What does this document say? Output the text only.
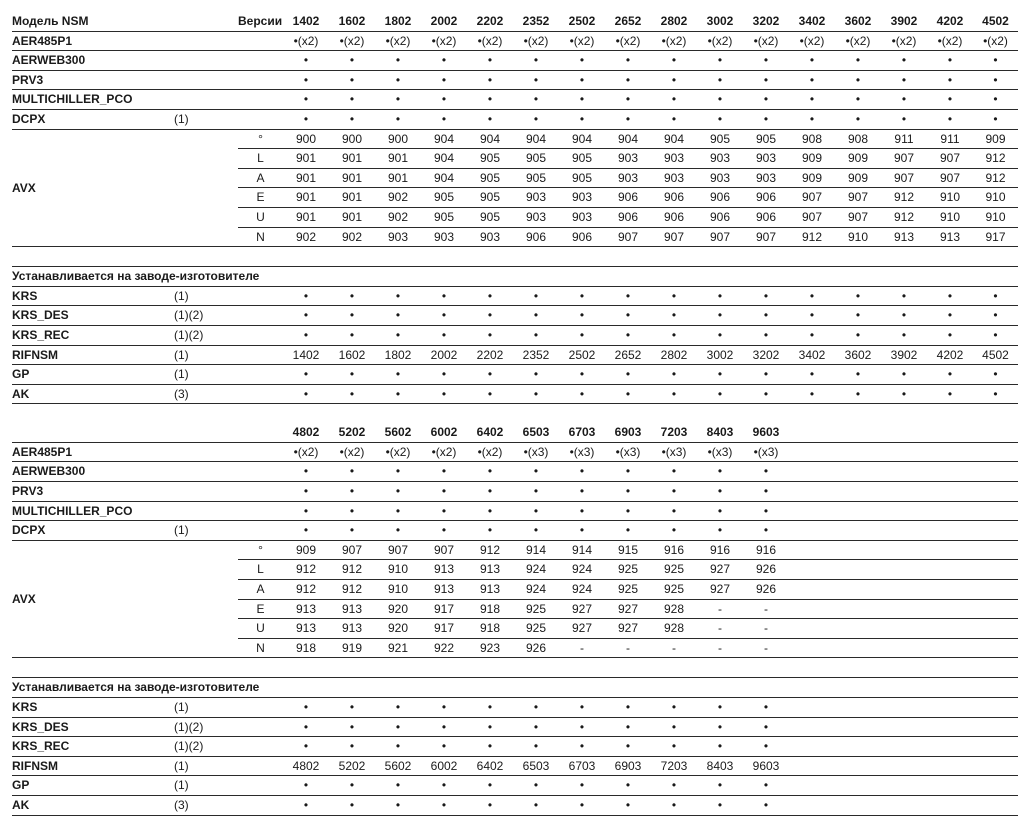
Модель NSM		Версии	1402	1602	1802	2002	2202	2352	2502	2652	2802	3002	3202	3402	3602	3902	4202	4502
AER485P1			•(x2)	•(x2)	•(x2)	•(x2)	•(x2)	•(x2)	•(x2)	•(x2)	•(x2)	•(x2)	•(x2)	•(x2)	•(x2)	•(x2)	•(x2)	•(x2)
AERWEB300			•	•	•	•	•	•	•	•	•	•	•	•	•	•	•	•
PRV3			•	•	•	•	•	•	•	•	•	•	•	•	•	•	•	•
MULTICHILLER_PCO			•	•	•	•	•	•	•	•	•	•	•	•	•	•	•	•
DCPX	(1)		•	•	•	•	•	•	•	•	•	•	•	•	•	•	•	•
AVX		°	900	900	900	904	904	904	904	904	904	905	905	908	908	911	911	909
		L	901	901	901	904	905	905	905	903	903	903	903	909	909	907	907	912
		A	901	901	901	904	905	905	905	903	903	903	903	909	909	907	907	912
		E	901	901	902	905	905	903	903	906	906	906	906	907	907	912	910	910
		U	901	901	902	905	905	903	903	906	906	906	906	907	907	912	910	910
		N	902	902	903	903	903	906	906	907	907	907	907	912	910	913	913	917

Устанавливается на заводе-изготовителе																		
KRS	(1)		•	•	•	•	•	•	•	•	•	•	•	•	•	•	•	•
KRS_DES	(1)(2)		•	•	•	•	•	•	•	•	•	•	•	•	•	•	•	•
KRS_REC	(1)(2)		•	•	•	•	•	•	•	•	•	•	•	•	•	•	•	•
RIFNSM	(1)		1402	1602	1802	2002	2202	2352	2502	2652	2802	3002	3202	3402	3602	3902	4202	4502
GP	(1)		•	•	•	•	•	•	•	•	•	•	•	•	•	•	•	•
AK	(3)		•	•	•	•	•	•	•	•	•	•	•	•	•	•	•	•

			4802	5202	5602	6002	6402	6503	6703	6903	7203	8403	9603					
AER485P1			•(x2)	•(x2)	•(x2)	•(x2)	•(x2)	•(x3)	•(x3)	•(x3)	•(x3)	•(x3)	•(x3)					
AERWEB300			•	•	•	•	•	•	•	•	•	•	•					
PRV3			•	•	•	•	•	•	•	•	•	•	•					
MULTICHILLER_PCO			•	•	•	•	•	•	•	•	•	•	•					
DCPX	(1)		•	•	•	•	•	•	•	•	•	•	•					
AVX		°	909	907	907	907	912	914	914	915	916	916	916					
		L	912	912	910	913	913	924	924	925	925	927	926					
		A	912	912	910	913	913	924	924	925	925	927	926					
		E	913	913	920	917	918	925	927	927	928	-	-					
		U	913	913	920	917	918	925	927	927	928	-	-					
		N	918	919	921	922	923	926	-	-	-	-	-					

Устанавливается на заводе-изготовителе																		
KRS	(1)		•	•	•	•	•	•	•	•	•	•	•					
KRS_DES	(1)(2)		•	•	•	•	•	•	•	•	•	•	•					
KRS_REC	(1)(2)		•	•	•	•	•	•	•	•	•	•	•					
RIFNSM	(1)		4802	5202	5602	6002	6402	6503	6703	6903	7203	8403	9603					
GP	(1)		•	•	•	•	•	•	•	•	•	•	•					
AK	(3)		•	•	•	•	•	•	•	•	•	•	•					
